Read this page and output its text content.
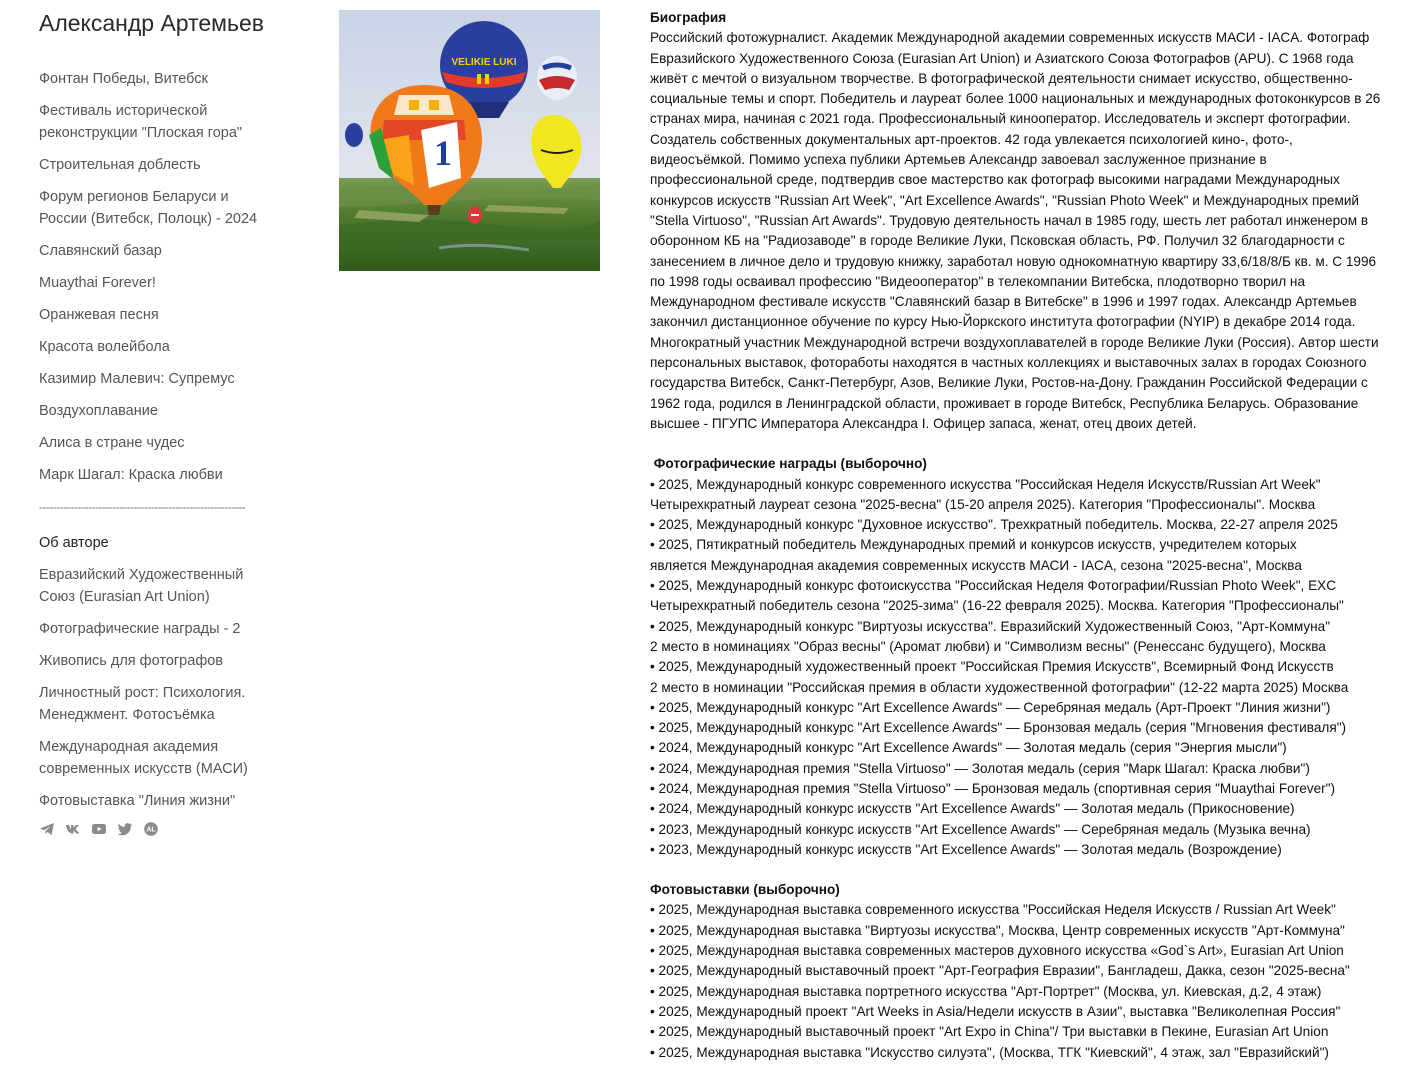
Александр Артемьев
Фонтан Победы, Витебск
Фестиваль исторической реконструкции "Плоская гора"
Строительная доблесть
Форум регионов Беларуси и России (Витебск, Полоцк) - 2024
Славянский базар
Muaythai Forever!
Оранжевая песня
Красота волейбола
Казимир Малевич: Супремус
Воздухоплавание
Алиса в стране чудес
Марк Шагал: Краска любви
-----------------------------------------------------------
Об авторе
Евразийский Художественный Союз (Eurasian Art Union)
Фотографические награды - 2
Живопись для фотографов
Личностный рост: Психология. Менеджмент. Фотосъёмка
Международная академия современных искусств (МАСИ)
Фотовыставка "Линия жизни"
AL
VELIKIE LUKI
1
Биография

Российский фотожурналист. Академик Международной академии современных искусств МАСИ - IACA. Фотограф Евразийского Художественного Союза (Eurasian Art Union) и Азиатского Союза Фотографов (APU). С 1968 года живёт с мечтой о визуальном творчестве. В фотографической деятельности снимает искусство, общественно-социальные темы и спорт. Победитель и лауреат более 1000 национальных и международных фотоконкурсов в 26 странах мира, начиная с 2021 года. Профессиональный кинооператор. Исследователь и эксперт фотографии. Создатель собственных документальных арт-проектов. 42 года увлекается психологией кино-, фото-, видеосъёмкой. Помимо успеха публики Артемьев Александр завоевал заслуженное признание в профессиональной среде, подтвердив свое мастерство как фотограф высокими наградами Международных конкурсов искусств "Russian Art Week", "Art Excellence Awards", "Russian Photo Week" и Международных премий "Stella Virtuoso", "Russian Art Awards". Трудовую деятельность начал в 1985 году, шесть лет работал инженером в оборонном КБ на "Радиозаводе" в городе Великие Луки, Псковская область, РФ. Получил 32 благодарности с занесением в личное дело и трудовую книжку, заработал новую однокомнатную квартиру 33,6/18/8/Б кв. м. С 1996 по 1998 годы осваивал профессию "Видеооператор" в телекомпании Витебска, плодотворно творил на Международном фестивале искусств "Славянский базар в Витебске" в 1996 и 1997 годах. Александр Артемьев закончил дистанционное обучение по курсу Нью-Йоркского института фотографии (NYIP) в декабре 2014 года. Многократный участник Международной встречи воздухоплавателей в городе Великие Луки (Россия). Автор шести персональных выставок, фотоработы находятся в частных коллекциях и выставочных залах в городах Союзного государства Витебск, Санкт-Петербург, Азов, Великие Луки, Ростов-на-Дону. Гражданин Российской Федерации с 1962 года, родился в Ленинградской области, проживает в городе Витебск, Республика Беларусь. Образование высшее - ПГУПС Императора Александра I. Офицер запаса, женат, отец двоих детей.

Фотографические награды (выборочно)
• 2025, Международный конкурс современного искусства "Российская Неделя Искусств/Russian Art Week"
Четырехкратный лауреат сезона "2025-весна" (15-20 апреля 2025). Категория "Профессионалы". Москва
• 2025, Международный конкурс "Духовное искусство". Трехкратный победитель. Москва, 22-27 апреля 2025
• 2025, Пятикратный победитель Международных премий и конкурсов искусств, учредителем которых
является Международная академия современных искусств МАСИ - IACA, сезона "2025-весна", Москва
• 2025, Международный конкурс фотоискусства "Российская Неделя Фотографии/Russian Photo Week", EXC
Четырехкратный победитель сезона "2025-зима" (16-22 февраля 2025). Москва. Категория "Профессионалы"
• 2025, Международный конкурс "Виртуозы искусства". Евразийский Художественный Союз, "Арт-Коммуна"
2 место в номинациях "Образ весны" (Аромат любви) и "Символизм весны" (Ренессанс будущего), Москва
• 2025, Международный художественный проект "Российская Премия Искусств", Всемирный Фонд Искусств
2 место в номинации "Российская премия в области художественной фотографии" (12-22 марта 2025) Москва
• 2025, Международный конкурс "Art Excellence Awards" — Серебряная медаль (Арт-Проект "Линия жизни")
• 2025, Международный конкурс "Art Excellence Awards" — Бронзовая медаль (серия "Мгновения фестиваля")
• 2024, Международный конкурс "Art Excellence Awards" — Золотая медаль (серия "Энергия мысли")
• 2024, Международная премия "Stella Virtuoso" — Золотая медаль (серия "Марк Шагал: Краска любви")
• 2024, Международная премия "Stella Virtuoso" — Бронзовая медаль (спортивная серия "Muaythai Forever")
• 2024, Международный конкурс искусств "Art Excellence Awards" — Золотая медаль (Прикосновение)
• 2023, Международный конкурс искусств "Art Excellence Awards" — Серебряная медаль (Музыка вечна)
• 2023, Международный конкурс искусств "Art Excellence Awards" — Золотая медаль (Возрождение)
Фотовыставки (выборочно)
• 2025, Международная выставка современного искусства "Российская Неделя Искусств / Russian Art Week"
• 2025, Международная выставка "Виртуозы искусства", Москва, Центр современных искусств "Арт-Коммуна"
• 2025, Международная выставка современных мастеров духовного искусства «God`s Art», Eurasian Art Union
• 2025, Международный выставочный проект "Арт-География Евразии", Бангладеш, Дакка, сезон "2025-весна"
• 2025, Международная выставка портретного искусства "Арт-Портрет" (Москва, ул. Киевская, д.2, 4 этаж)
• 2025, Международный проект "Art Weeks in Asia/Недели искусств в Азии", выставка "Великолепная Россия"
• 2025, Международный выставочный проект "Art Expo in China"/ Три выставки в Пекине, Eurasian Art Union
• 2025, Международная выставка "Искусство силуэта", (Москва, ТГК "Киевский", 4 этаж, зал "Евразийский")
